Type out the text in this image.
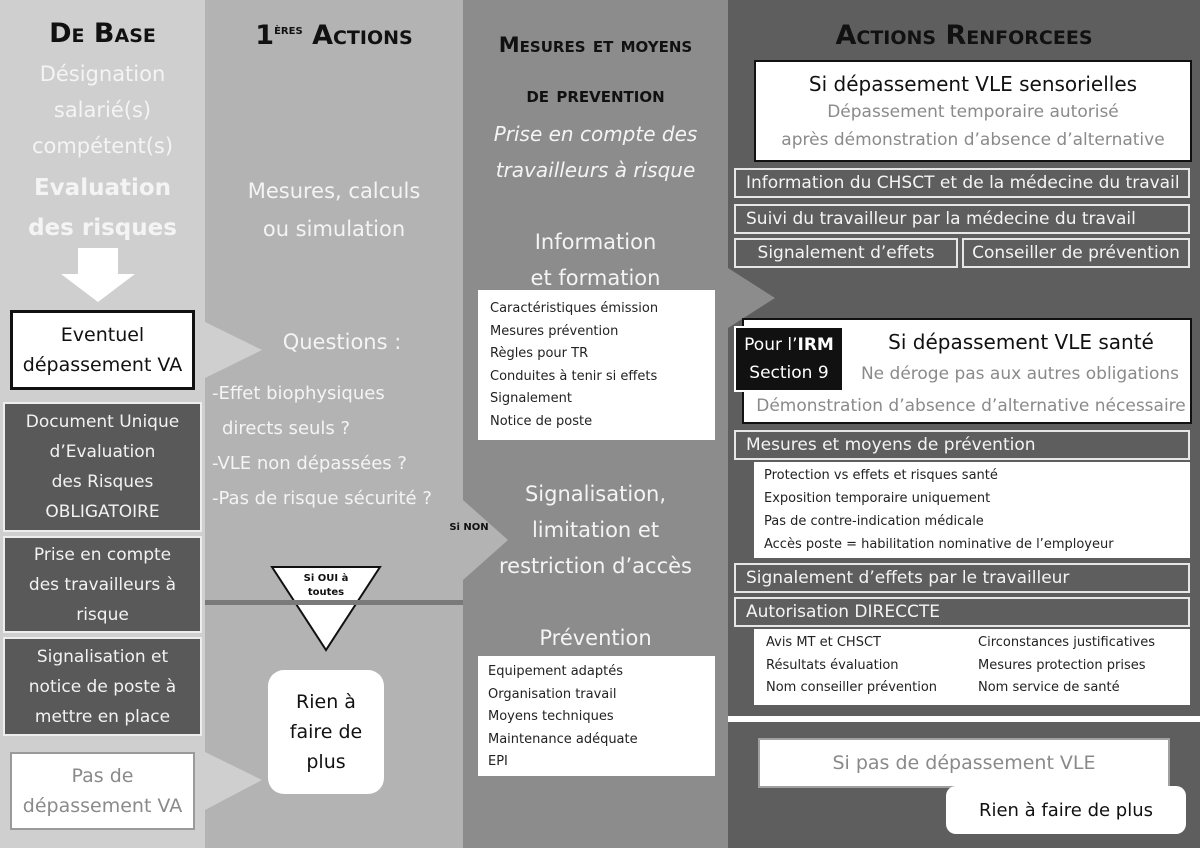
De Base
Désignation
salarié(s)
compétent(s)
Evaluation
des risques
Eventuel
dépassement VA
Document Unique
d’Evaluation
des Risques
OBLIGATOIRE
Prise en compte
des travailleurs à
risque
Signalisation et
notice de poste à
mettre en place
Pas de
dépassement VA
1ères Actions
Mesures, calculs
ou simulation
Questions :
-Effet biophysiques
directs seuls ?
-VLE non dépassées ?
-Pas de risque sécurité ?
Si OUI à
toutes
Rien à
faire de
plus
Si NON
Mesures et moyens
de prevention
Prise en compte des
travailleurs à risque
Information
et formation
Caractéristiques émission
Mesures prévention
Règles pour TR
Conduites à tenir si effets
Signalement
Notice de poste
Signalisation,
limitation et
restriction d’accès
Prévention
Equipement adaptés
Organisation travail
Moyens techniques
Maintenance adéquate
EPI
Actions Renforcees
Si dépassement VLE sensorielles
Dépassement temporaire autorisé
après démonstration d’absence d’alternative
Information du CHSCT et de la médecine du travail
Suivi du travailleur par la médecine du travail
Signalement d’effets	Conseiller de prévention
Si dépassement VLE santé
Ne déroge pas aux autres obligations
Démonstration d’absence d’alternative nécessaire
Pour l’IRM
Section 9
Mesures et moyens de prévention
Protection vs effets et risques santé
Exposition temporaire uniquement
Pas de contre-indication médicale
Accès poste = habilitation nominative de l’employeur
Signalement d’effets par le travailleur
Autorisation DIRECCTE
Avis MT et CHSCT
Résultats évaluation
Nom conseiller prévention
Circonstances justificatives
Mesures protection prises
Nom service de santé
Si pas de dépassement VLE
Rien à faire de plus
